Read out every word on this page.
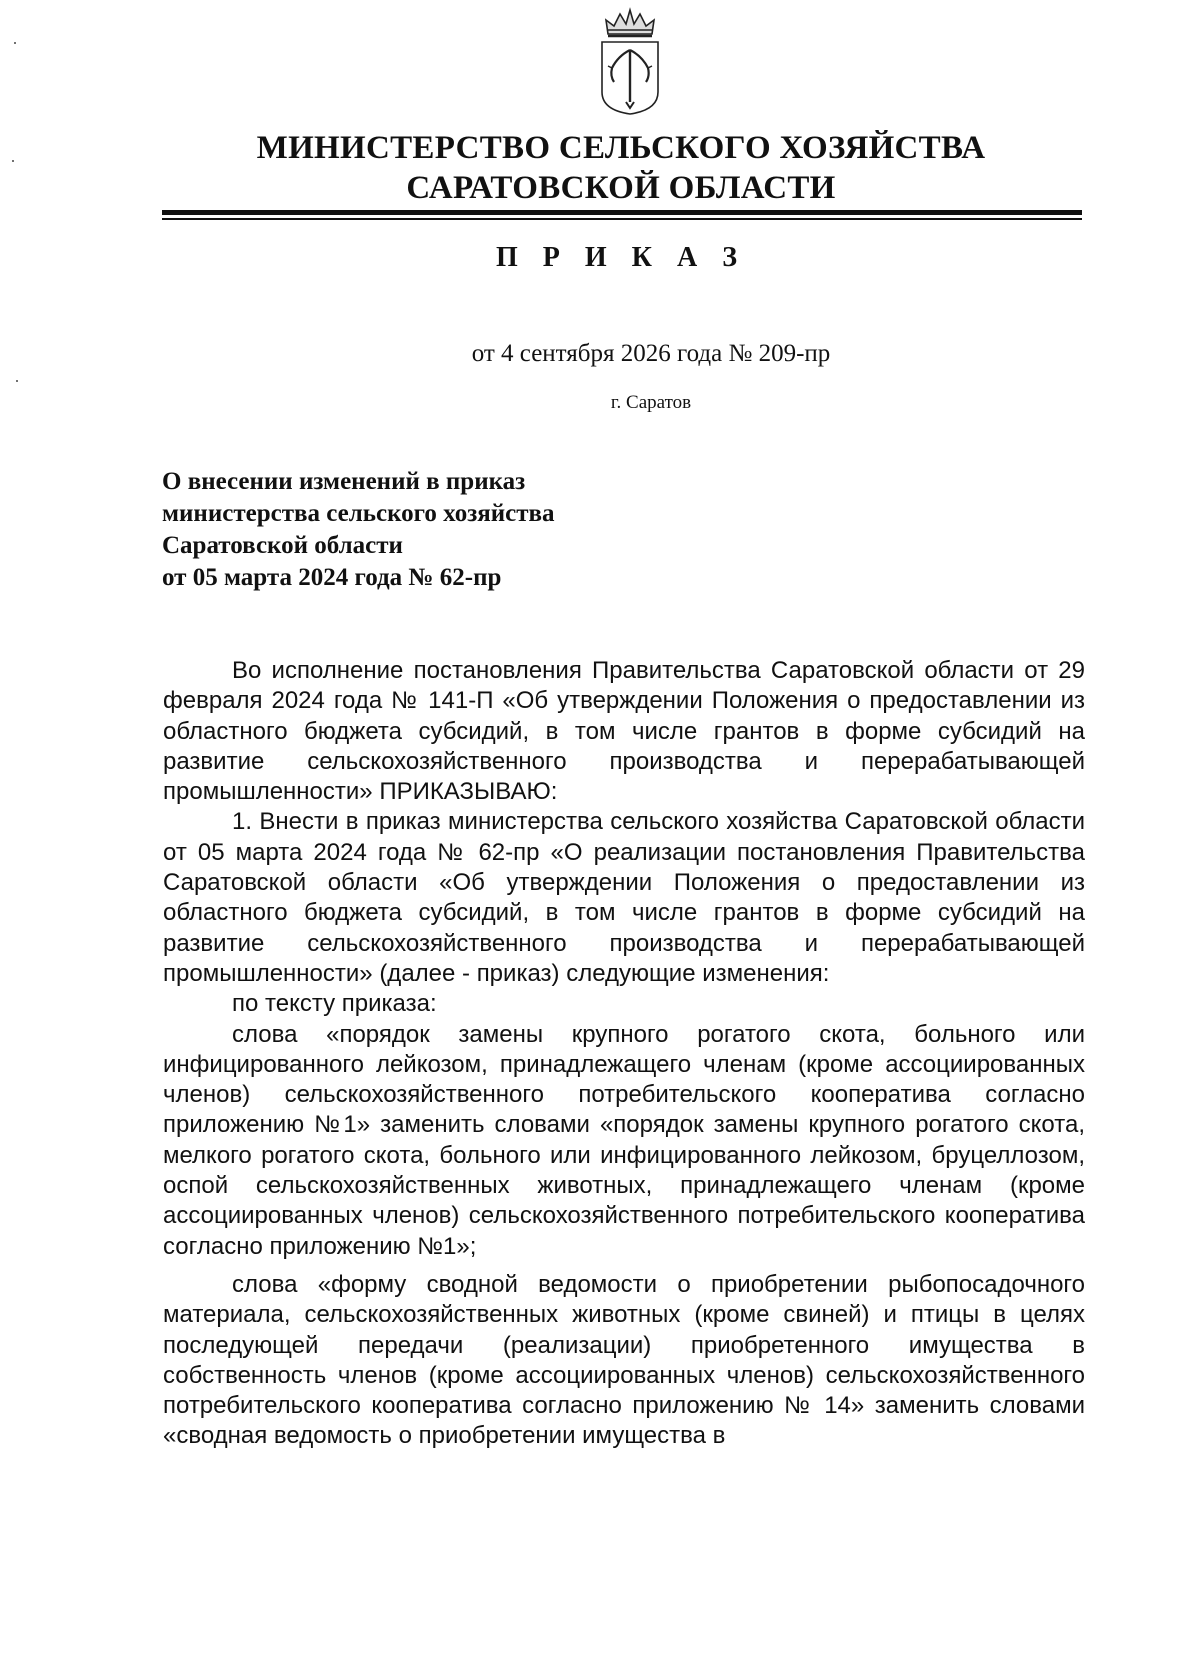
МИНИСТЕРСТВО СЕЛЬСКОГО ХОЗЯЙСТВА
САРАТОВСКОЙ ОБЛАСТИ
П Р И К А З
от 4 сентября 2026 года № 209-пр
г. Саратов
О внесении изменений в приказ
министерства сельского хозяйства
Саратовской области
от 05 марта 2024 года № 62-пр

Во исполнение постановления Правительства Саратовской области от 29 февраля 2024 года № 141-П «Об утверждении Положения о предоставлении из областного бюджета субсидий, в том числе грантов в форме субсидий на развитие сельскохозяйственного производства и перерабатывающей промышленности» ПРИКАЗЫВАЮ:

1. Внести в приказ министерства сельского хозяйства Саратовской области от 05 марта 2024 года № 62-пр «О реализации постановления Правительства Саратовской области «Об утверждении Положения о предоставлении из областного бюджета субсидий, в том числе грантов в форме субсидий на развитие сельскохозяйственного производства и перерабатывающей промышленности» (далее - приказ) следующие изменения:

по тексту приказа:

слова «порядок замены крупного рогатого скота, больного или инфицированного лейкозом, принадлежащего членам (кроме ассоциированных членов) сельскохозяйственного потребительского кооператива согласно приложению №1» заменить словами «порядок замены крупного рогатого скота, мелкого рогатого скота, больного или инфицированного лейкозом, бруцеллозом, оспой сельскохозяйственных животных, принадлежащего членам (кроме ассоциированных членов) сельскохозяйственного потребительского кооператива согласно приложению №1»;

слова «форму сводной ведомости о приобретении рыбопосадочного материала, сельскохозяйственных животных (кроме свиней) и птицы в целях последующей передачи (реализации) приобретенного имущества в собственность членов (кроме ассоциированных членов) сельскохозяйственного потребительского кооператива согласно приложению № 14» заменить словами «сводная ведомость о приобретении имущества в
